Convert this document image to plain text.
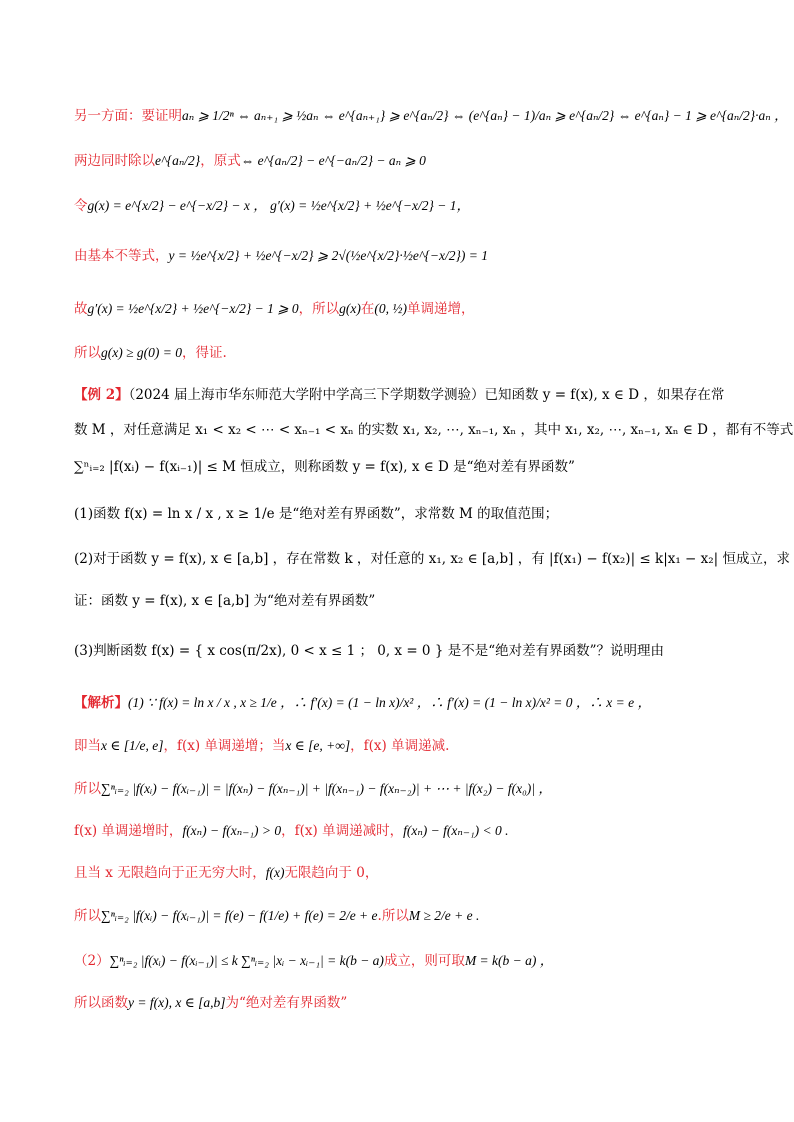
另一方面：要证明aₙ ⩾ 1/2ⁿ ⇔ aₙ₊₁ ⩾ ½aₙ ⇔ e^{aₙ₊₁} ⩾ e^{aₙ/2} ⇔ (e^{aₙ} − 1)/aₙ ⩾ e^{aₙ/2} ⇔ e^{aₙ} − 1 ⩾ e^{aₙ/2}·aₙ ，
两边同时除以e^{aₙ/2}，原式⇔ e^{aₙ/2} − e^{−aₙ/2} − aₙ ⩾ 0
令g(x) = e^{x/2} − e^{−x/2} − x ， g′(x) = ½e^{x/2} + ½e^{−x/2} − 1，
由基本不等式，y = ½e^{x/2} + ½e^{−x/2} ⩾ 2√(½e^{x/2}·½e^{−x/2}) = 1
故g′(x) = ½e^{x/2} + ½e^{−x/2} − 1 ⩾ 0，所以g(x)在(0, ½)单调递增，
所以g(x) ≥ g(0) = 0，得证.
【例 2】（2024 届上海市华东师范大学附中学高三下学期数学测验）已知函数 y = f(x), x ∈ D ，如果存在常
数 M ，对任意满足 x₁ < x₂ < ⋯ < xₙ₋₁ < xₙ 的实数 x₁, x₂, ⋯, xₙ₋₁, xₙ ，其中 x₁, x₂, ⋯, xₙ₋₁, xₙ ∈ D ，都有不等式
∑ⁿᵢ₌₂ |f(xᵢ) − f(xᵢ₋₁)| ≤ M 恒成立，则称函数 y = f(x), x ∈ D 是“绝对差有界函数”
(1)函数 f(x) = ln x / x , x ≥ 1/e 是“绝对差有界函数”，求常数 M 的取值范围；
(2)对于函数 y = f(x), x ∈ [a,b] ，存在常数 k ，对任意的 x₁, x₂ ∈ [a,b] ，有 |f(x₁) − f(x₂)| ≤ k|x₁ − x₂| 恒成立，求
证：函数 y = f(x), x ∈ [a,b] 为“绝对差有界函数”
(3)判断函数 f(x) = { x cos(π/2x), 0 < x ≤ 1 ； 0, x = 0 } 是不是“绝对差有界函数”？说明理由
【解析】(1) ∵ f(x) = ln x / x , x ≥ 1/e ，∴ f′(x) = (1 − ln x)/x² ，∴ f′(x) = (1 − ln x)/x² = 0 ，∴ x = e ，
即当x ∈ [1/e, e]，f(x) 单调递增；当x ∈ [e, +∞]，f(x) 单调递减.
所以∑ⁿᵢ₌₂ |f(xᵢ) − f(xᵢ₋₁)| = |f(xₙ) − f(xₙ₋₁)| + |f(xₙ₋₁) − f(xₙ₋₂)| + ⋯ + |f(x₂) − f(x₀)| ，
f(x) 单调递增时，f(xₙ) − f(xₙ₋₁) > 0，f(x) 单调递减时，f(xₙ) − f(xₙ₋₁) < 0 .
且当 x 无限趋向于正无穷大时，f(x)无限趋向于 0，
所以∑ⁿᵢ₌₂ |f(xᵢ) − f(xᵢ₋₁)| = f(e) − f(1/e) + f(e) = 2/e + e.所以M ≥ 2/e + e .
（2）∑ⁿᵢ₌₂ |f(xᵢ) − f(xᵢ₋₁)| ≤ k ∑ⁿᵢ₌₂ |xᵢ − xᵢ₋₁| = k(b − a)成立，则可取M = k(b − a) ，
所以函数y = f(x), x ∈ [a,b]为“绝对差有界函数”
